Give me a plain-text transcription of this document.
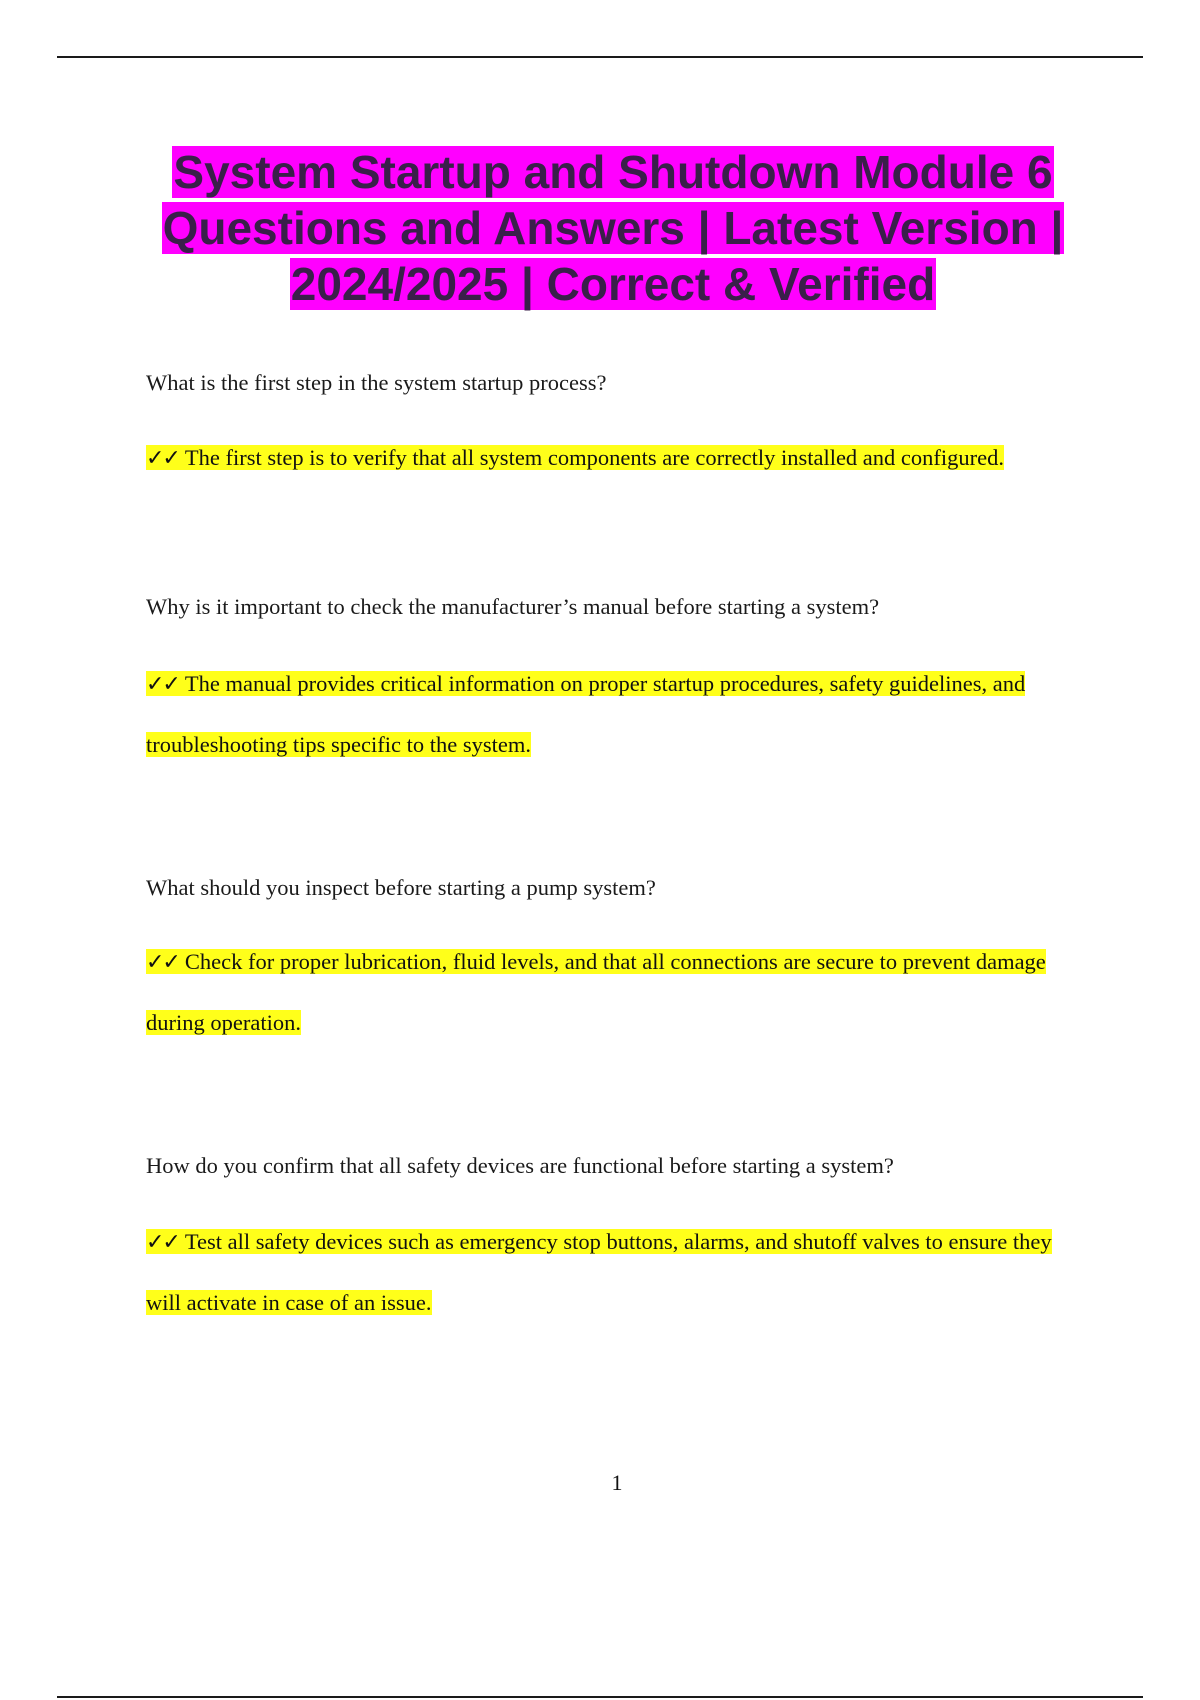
System Startup and Shutdown Module 6 Questions and Answers | Latest Version | 2024/2025 | Correct & Verified
What is the first step in the system startup process?
✓✓ The first step is to verify that all system components are correctly installed and configured.
Why is it important to check the manufacturer’s manual before starting a system?
✓✓ The manual provides critical information on proper startup procedures, safety guidelines, and troubleshooting tips specific to the system.
What should you inspect before starting a pump system?
✓✓ Check for proper lubrication, fluid levels, and that all connections are secure to prevent damage during operation.
How do you confirm that all safety devices are functional before starting a system?
✓✓ Test all safety devices such as emergency stop buttons, alarms, and shutoff valves to ensure they will activate in case of an issue.
1
